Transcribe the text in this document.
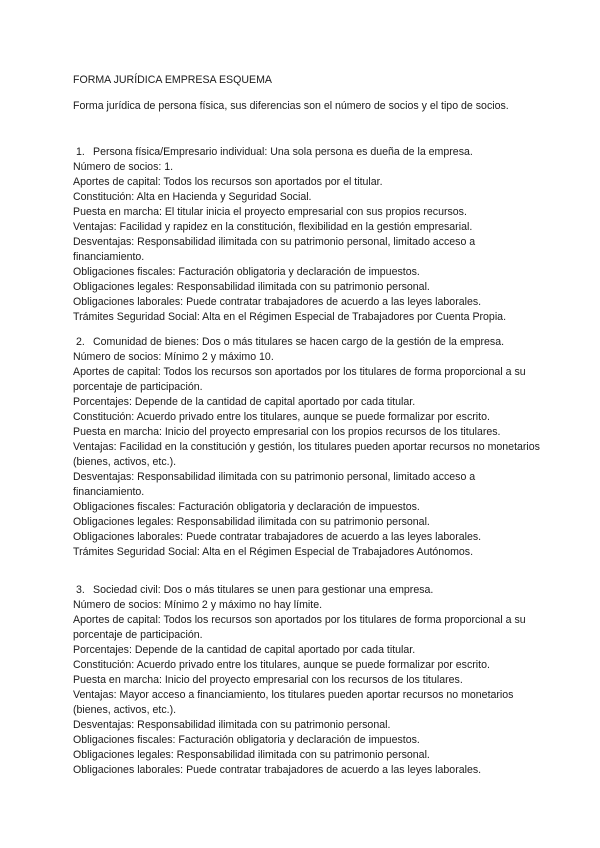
FORMA JURÍDICA EMPRESA ESQUEMA
Forma jurídica de persona física, sus diferencias son el número de socios y el tipo de socios.
1. Persona física/Empresario individual: Una sola persona es dueña de la empresa.

Número de socios: 1.

Aportes de capital: Todos los recursos son aportados por el titular.

Constitución: Alta en Hacienda y Seguridad Social.

Puesta en marcha: El titular inicia el proyecto empresarial con sus propios recursos.

Ventajas: Facilidad y rapidez en la constitución, flexibilidad en la gestión empresarial.

Desventajas: Responsabilidad ilimitada con su patrimonio personal, limitado acceso a financiamiento.

Obligaciones fiscales: Facturación obligatoria y declaración de impuestos.

Obligaciones legales: Responsabilidad ilimitada con su patrimonio personal.

Obligaciones laborales: Puede contratar trabajadores de acuerdo a las leyes laborales.

Trámites Seguridad Social: Alta en el Régimen Especial de Trabajadores por Cuenta Propia.

2. Comunidad de bienes: Dos o más titulares se hacen cargo de la gestión de la empresa.

Número de socios: Mínimo 2 y máximo 10.

Aportes de capital: Todos los recursos son aportados por los titulares de forma proporcional a su porcentaje de participación.

Porcentajes: Depende de la cantidad de capital aportado por cada titular.

Constitución: Acuerdo privado entre los titulares, aunque se puede formalizar por escrito.

Puesta en marcha: Inicio del proyecto empresarial con los propios recursos de los titulares.

Ventajas: Facilidad en la constitución y gestión, los titulares pueden aportar recursos no monetarios (bienes, activos, etc.).

Desventajas: Responsabilidad ilimitada con su patrimonio personal, limitado acceso a financiamiento.

Obligaciones fiscales: Facturación obligatoria y declaración de impuestos.

Obligaciones legales: Responsabilidad ilimitada con su patrimonio personal.

Obligaciones laborales: Puede contratar trabajadores de acuerdo a las leyes laborales.

Trámites Seguridad Social: Alta en el Régimen Especial de Trabajadores Autónomos.

3. Sociedad civil: Dos o más titulares se unen para gestionar una empresa.

Número de socios: Mínimo 2 y máximo no hay límite.

Aportes de capital: Todos los recursos son aportados por los titulares de forma proporcional a su porcentaje de participación.

Porcentajes: Depende de la cantidad de capital aportado por cada titular.

Constitución: Acuerdo privado entre los titulares, aunque se puede formalizar por escrito.

Puesta en marcha: Inicio del proyecto empresarial con los recursos de los titulares.

Ventajas: Mayor acceso a financiamiento, los titulares pueden aportar recursos no monetarios (bienes, activos, etc.).

Desventajas: Responsabilidad ilimitada con su patrimonio personal.

Obligaciones fiscales: Facturación obligatoria y declaración de impuestos.

Obligaciones legales: Responsabilidad ilimitada con su patrimonio personal.

Obligaciones laborales: Puede contratar trabajadores de acuerdo a las leyes laborales.
